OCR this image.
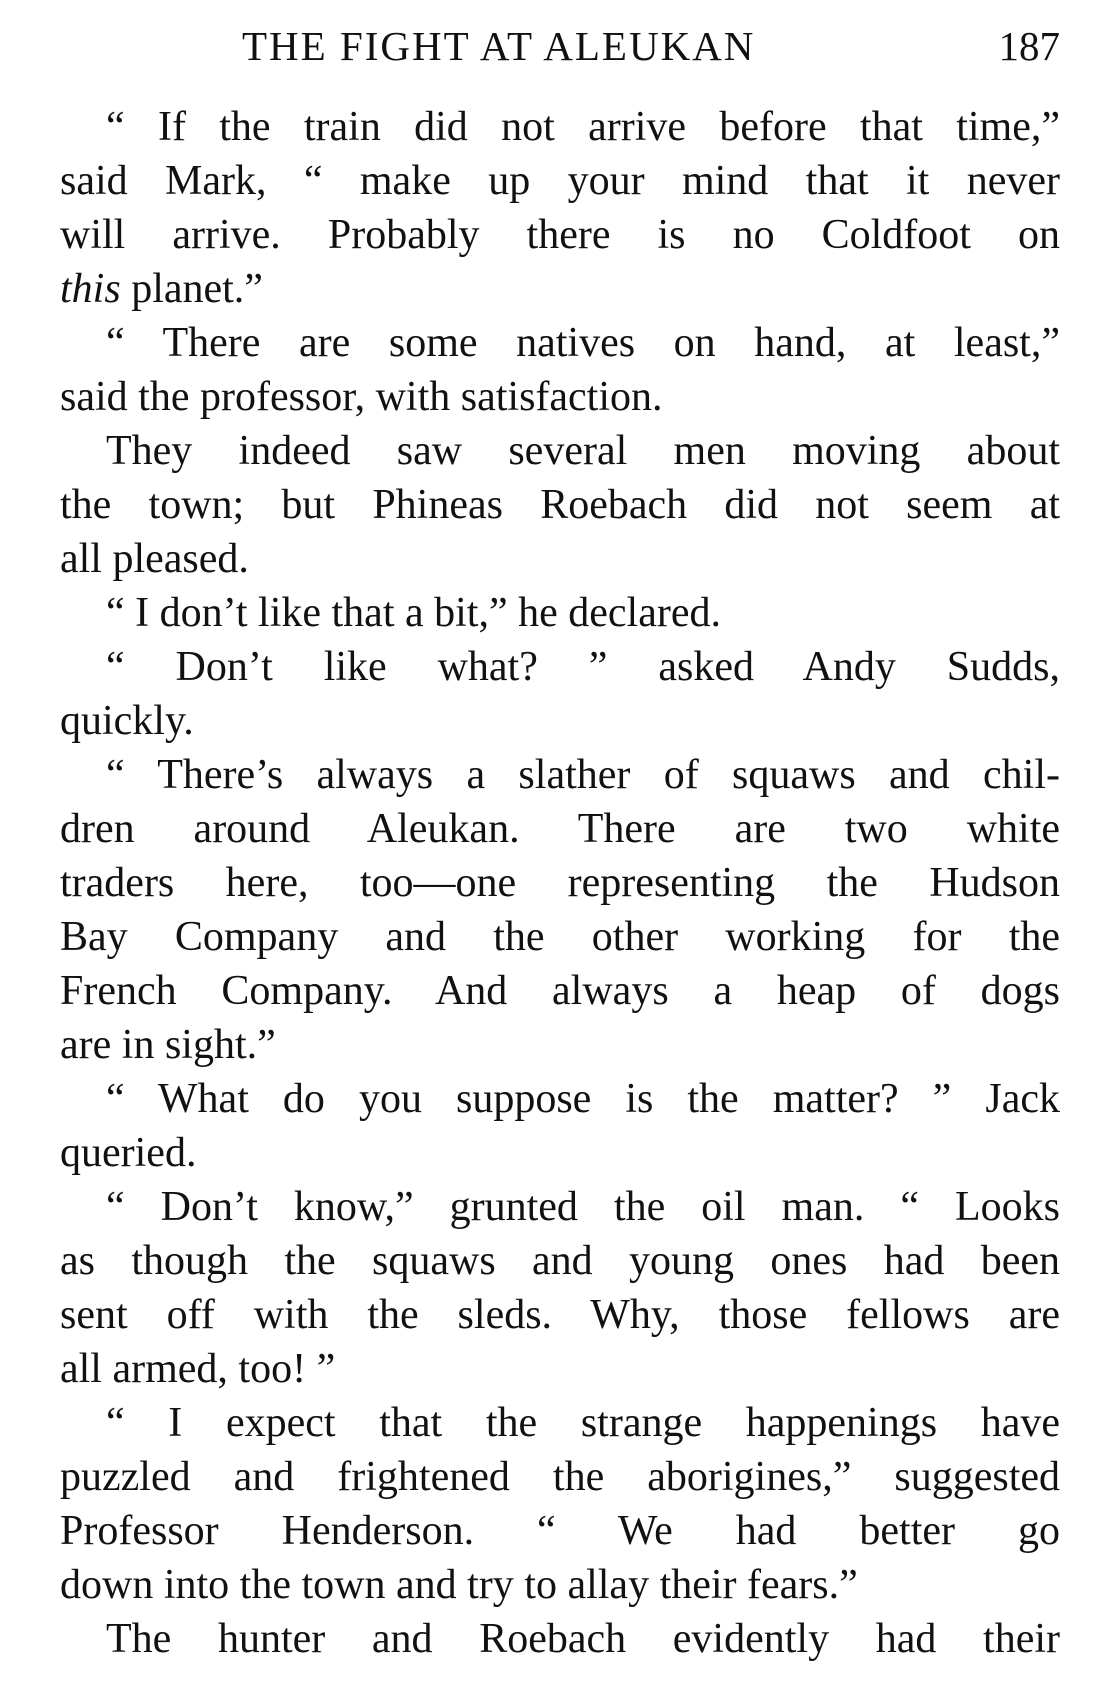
THE FIGHT AT ALEUKAN	187
“ If the train did not arrive before that time,”
said Mark, “ make up your mind that it never
will arrive. Probably there is no Coldfoot on
this planet.”
“ There are some natives on hand, at least,”
said the professor, with satisfaction.
They indeed saw several men moving about
the town; but Phineas Roebach did not seem at
all pleased.
“ I don’t like that a bit,” he declared.
“ Don’t like what? ” asked Andy Sudds,
quickly.
“ There’s always a slather of squaws and chil-
dren around Aleukan. There are two white
traders here, too—one representing the Hudson
Bay Company and the other working for the
French Company. And always a heap of dogs
are in sight.”
“ What do you suppose is the matter? ” Jack
queried.
“ Don’t know,” grunted the oil man. “ Looks
as though the squaws and young ones had been
sent off with the sleds. Why, those fellows are
all armed, too! ”
“ I expect that the strange happenings have
puzzled and frightened the aborigines,” suggested
Professor Henderson. “ We had better go
down into the town and try to allay their fears.”
The hunter and Roebach evidently had their
